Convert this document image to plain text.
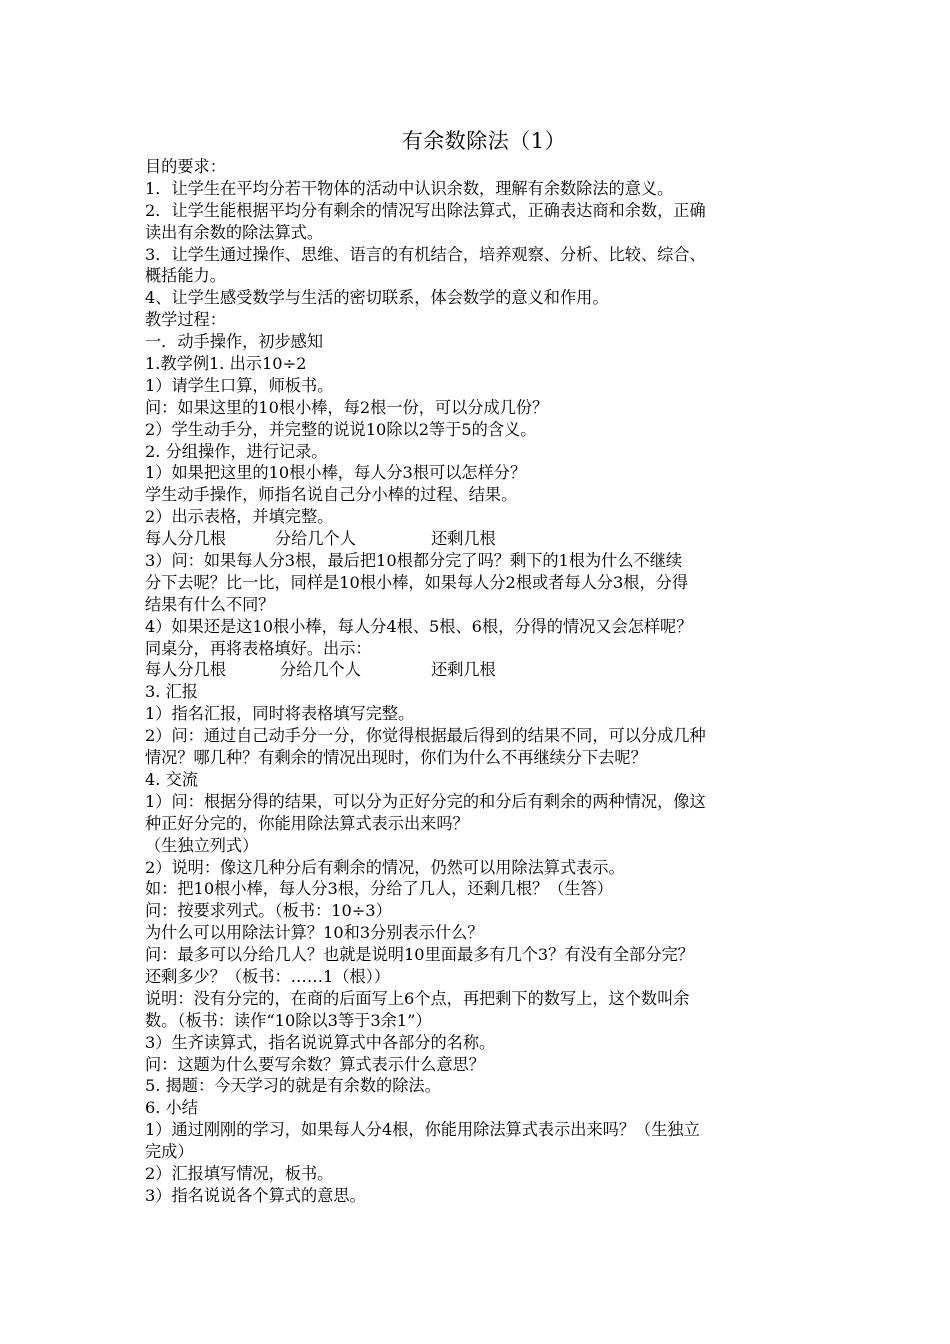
有余数除法（1）
目的要求：
1．让学生在平均分若干物体的活动中认识余数，理解有余数除法的意义。
2．让学生能根据平均分有剩余的情况写出除法算式，正确表达商和余数，正确
读出有余数的除法算式。
3．让学生通过操作、思维、语言的有机结合，培养观察、分析、比较、综合、
概括能力。
4、让学生感受数学与生活的密切联系，体会数学的意义和作用。
教学过程：
一．动手操作，初步感知
1.教学例1. 出示10÷2
1）请学生口算，师板书。
问：如果这里的10根小棒，每2根一份，可以分成几份？
2）学生动手分，并完整的说说10除以2等于5的含义。
2. 分组操作，进行记录。
1）如果把这里的10根小棒，每人分3根可以怎样分？
学生动手操作，师指名说自己分小棒的过程、结果。
2）出示表格，并填完整。
每人分几根	分给几个人	还剩几根
3）问：如果每人分3根，最后把10根都分完了吗？剩下的1根为什么不继续
分下去呢？比一比，同样是10根小棒，如果每人分2根或者每人分3根，分得
结果有什么不同？
4）如果还是这10根小棒，每人分4根、5根、6根，分得的情况又会怎样呢？
同桌分，再将表格填好。出示：
每人分几根	分给几个人	还剩几根
3. 汇报
1）指名汇报，同时将表格填写完整。
2）问：通过自己动手分一分，你觉得根据最后得到的结果不同，可以分成几种
情况？哪几种？有剩余的情况出现时，你们为什么不再继续分下去呢？
4. 交流
1）问：根据分得的结果，可以分为正好分完的和分后有剩余的两种情况，像这
种正好分完的，你能用除法算式表示出来吗？
（生独立列式）
2）说明：像这几种分后有剩余的情况，仍然可以用除法算式表示。
如：把10根小棒，每人分3根，分给了几人，还剩几根？（生答）
问：按要求列式。（板书：10÷3）
为什么可以用除法计算？10和3分别表示什么？
问：最多可以分给几人？也就是说明10里面最多有几个3？有没有全部分完？
还剩多少？（板书：……1（根））
说明：没有分完的，在商的后面写上6个点，再把剩下的数写上，这个数叫余
数。（板书：读作“10除以3等于3余1”）
3）生齐读算式，指名说说算式中各部分的名称。
问：这题为什么要写余数？算式表示什么意思？
5. 揭题：今天学习的就是有余数的除法。
6. 小结
1）通过刚刚的学习，如果每人分4根，你能用除法算式表示出来吗？（生独立
完成）
2）汇报填写情况，板书。
3）指名说说各个算式的意思。
